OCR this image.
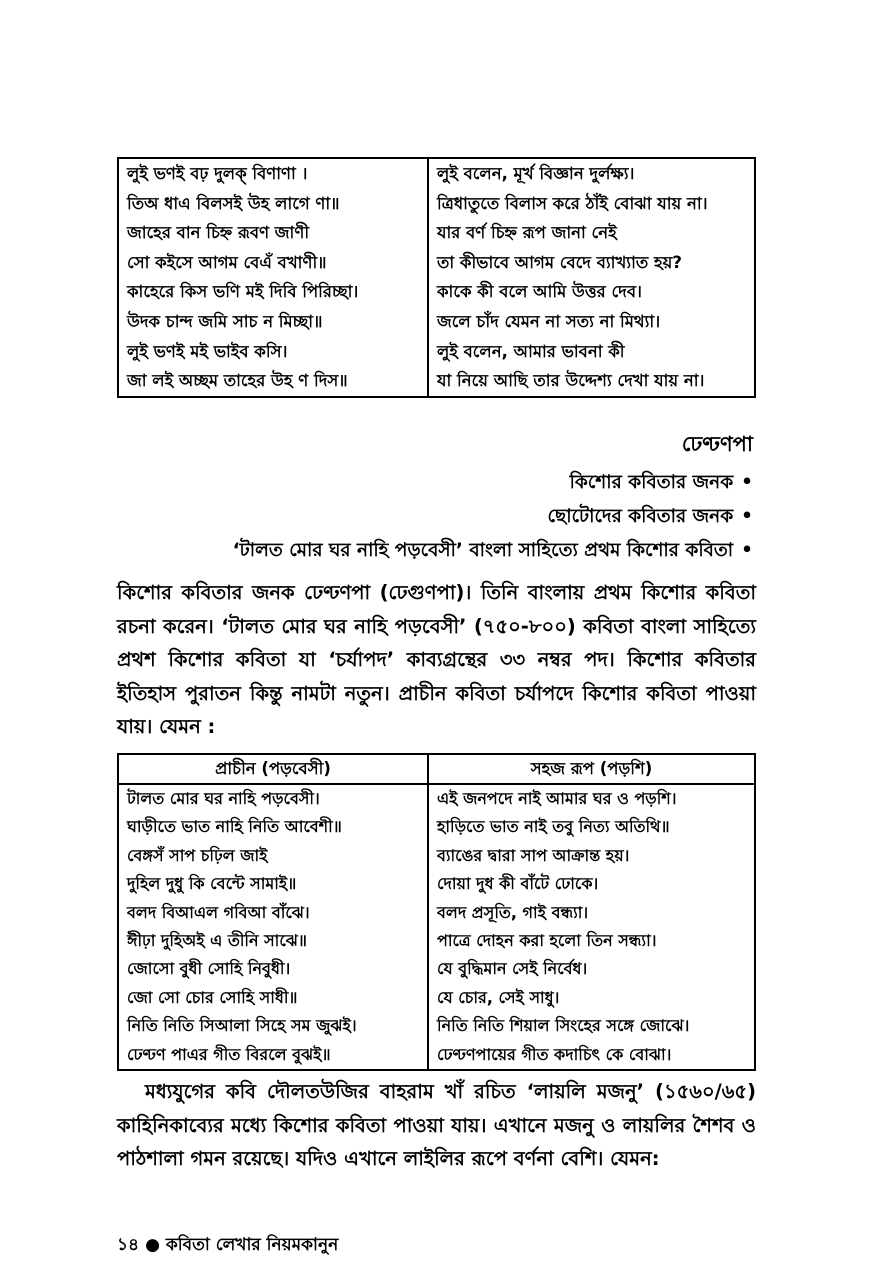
লুই ভণই বঢ় দুলক্ বিণাণা ।	লুই বলেন, মূর্খ বিজ্ঞান দুর্লক্ষ্য।
তিঅ ধাএ বিলসই উহ লাগে ণা॥	ত্রিধাতুতে বিলাস করে ঠাঁই বোঝা যায় না।
জাহের বান চিহ্ন রূবণ জাণী	যার বর্ণ চিহ্ন রূপ জানা নেই
সো কইসে আগম বেএঁ বখাণী॥	তা কীভাবে আগম বেদে ব্যাখ্যাত হয়?
কাহেরে কিস ভণি মই দিবি পিরিচ্ছা।	কাকে কী বলে আমি উত্তর দেব।
উদক চান্দ জমি সাচ ন মিচ্ছা॥	জলে চাঁদ যেমন না সত্য না মিথ্যা।
লুই ভণই মই ভাইব কসি।	লুই বলেন, আমার ভাবনা কী
জা লই অচ্ছম তাহের উহ ণ দিস॥	যা নিয়ে আছি তার উদ্দেশ্য দেখা যায় না।
ঢেণ্ঢণপা
কিশোর কবিতার জনক •
ছোটোদের কবিতার জনক •
‘টালত মোর ঘর নাহি পড়বেসী’ বাংলা সাহিত্যে প্রথম কিশোর কবিতা •

কিশোর কবিতার জনক ঢেণ্ঢণপা (ঢেগুণপা)। তিনি বাংলায় প্রথম কিশোর কবিতা রচনা করেন। ‘টালত মোর ঘর নাহি পড়বেসী’ (৭৫০-৮০০) কবিতা বাংলা সাহিত্যে প্রথশ কিশোর কবিতা যা ‘চর্যাপদ’ কাব্যগ্রন্থের ৩৩ নম্বর পদ। কিশোর কবিতার ইতিহাস পুরাতন কিন্তু নামটা নতুন। প্রাচীন কবিতা চর্যাপদে কিশোর কবিতা পাওয়া যায়। যেমন :

প্রাচীন (পড়বেসী)	সহজ রূপ (পড়শি)
টালত মোর ঘর নাহি পড়বেসী।	এই জনপদে নাই আমার ঘর ও পড়শি।
ঘাড়ীতে ভাত নাহি নিতি আবেশী॥	হাড়িতে ভাত নাই তবু নিত্য অতিথি॥
বেঙ্গসঁ সাপ চঢ়িল জাই	ব্যাঙের দ্বারা সাপ আক্রান্ত হয়।
দুহিল দুধু কি বেন্টে সামাই॥	দোয়া দুধ কী বাঁটে ঢোকে।
বলদ বিআএল গবিআ বাঁঝে।	বলদ প্রসূতি, গাই বন্ধ্যা।
ঈীঢ়া দুহিঅই এ তীনি সাঝে॥	পাত্রে দোহন করা হলো তিন সন্ধ্যা।
জোসো বুধী সোহি নিবুধী।	যে বুদ্ধিমান সেই নির্বেধ।
জো সো চোর সোহি সাধী॥	যে চোর, সেই সাধু।
নিতি নিতি সিআলা সিহে সম জুঝই।	নিতি নিতি শিয়াল সিংহের সঙ্গে জোঝে।
ঢেণ্ঢণ পাএর গীত বিরলে বুঝই॥	ঢেণ্ঢণপায়ের গীত কদাচিৎ কে বোঝা।

মধ্যযুগের কবি দৌলতউজির বাহরাম খাঁ রচিত ‘লায়লি মজনু’ (১৫৬০/৬৫) কাহিনিকাব্যের মধ্যে কিশোর কবিতা পাওয়া যায়। এখানে মজনু ও লায়লির শৈশব ও পাঠশালা গমন রয়েছে। যদিও এখানে লাইলির রূপে বর্ণনা বেশি। যেমন:

১৪ ● কবিতা লেখার নিয়মকানুন
